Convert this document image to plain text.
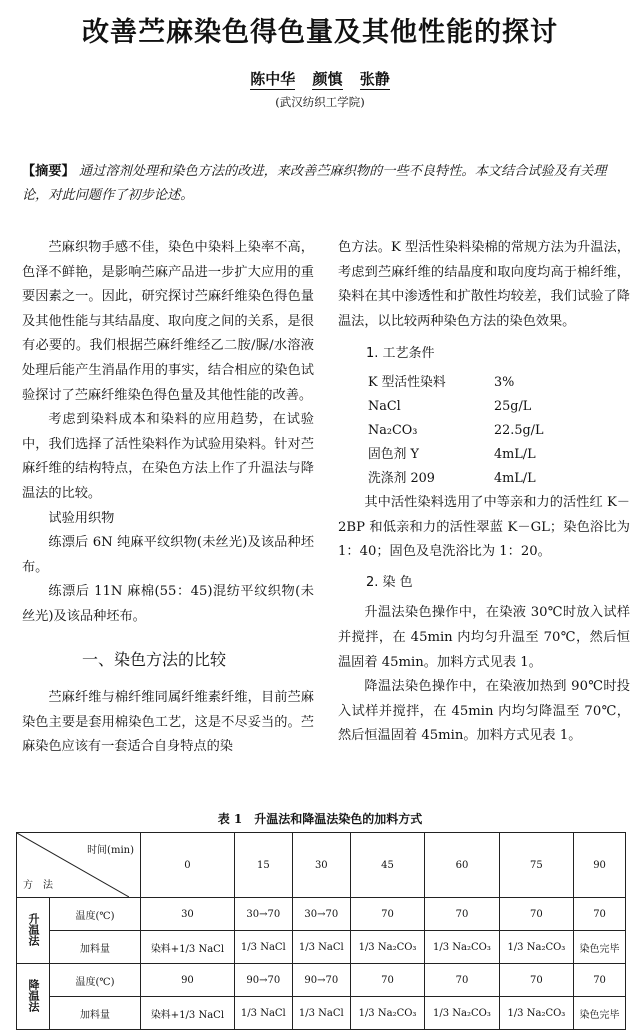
改善苎麻染色得色量及其他性能的探讨
陈中华 颜慎 张静
(武汉纺织工学院)
【摘要】 通过溶剂处理和染色方法的改进，来改善苎麻织物的一些不良特性。本文结合试验及有关理论，对此问题作了初步论述。

苎麻织物手感不佳，染色中染料上染率不高，色泽不鲜艳，是影响苎麻产品进一步扩大应用的重要因素之一。因此，研究探讨苎麻纤维染色得色量及其他性能与其结晶度、取向度之间的关系，是很有必要的。我们根据苎麻纤维经乙二胺/脲/水溶液处理后能产生消晶作用的事实，结合相应的染色试验探讨了苎麻纤维染色得色量及其他性能的改善。

考虑到染料成本和染料的应用趋势，在试验中，我们选择了活性染料作为试验用染料。针对苎麻纤维的结构特点，在染色方法上作了升温法与降温法的比较。

试验用织物

练漂后 6N 纯麻平纹织物(未丝光)及该品种坯布。

练漂后 11N 麻棉(55：45)混纺平纹织物(未丝光)及该品种坯布。

一、染色方法的比较

苎麻纤维与棉纤维同属纤维素纤维，目前苎麻染色主要是套用棉染色工艺，这是不尽妥当的。苎麻染色应该有一套适合自身特点的染

色方法。K 型活性染料染棉的常规方法为升温法，考虑到苎麻纤维的结晶度和取向度均高于棉纤维，染料在其中渗透性和扩散性均较差，我们试验了降温法，以比较两种染色方法的染色效果。

1. 工艺条件
K 型活性染料	3%
NaCl	25g/L
Na₂CO₃	22.5g/L
固色剂 Y	4mL/L
洗涤剂 209	4mL/L

其中活性染料选用了中等亲和力的活性红 K－2BP 和低亲和力的活性翠蓝 K－GL；染色浴比为 1：40；固色及皂洗浴比为 1：20。

2. 染 色

升温法染色操作中，在染液 30℃时放入试样并搅拌，在 45min 内均匀升温至 70℃，然后恒温固着 45min。加料方式见表 1。

降温法染色操作中，在染液加热到 90℃时投入试样并搅拌，在 45min 内均匀降温至 70℃，然后恒温固着 45min。加料方式见表 1。

表 1　升温法和降温法染色的加料方式
时间(min)
方　法		0	15	30	45	60	75	90
升温法	温度(℃)	30	30→70	30→70	70	70	70	70
	加料量	染料+1/3 NaCl	1/3 NaCl	1/3 NaCl	1/3 Na₂CO₃	1/3 Na₂CO₃	1/3 Na₂CO₃	染色完毕
降温法	温度(℃)	90	90→70	90→70	70	70	70	70
	加料量	染料+1/3 NaCl	1/3 NaCl	1/3 NaCl	1/3 Na₂CO₃	1/3 Na₂CO₃	1/3 Na₂CO₃	染色完毕
